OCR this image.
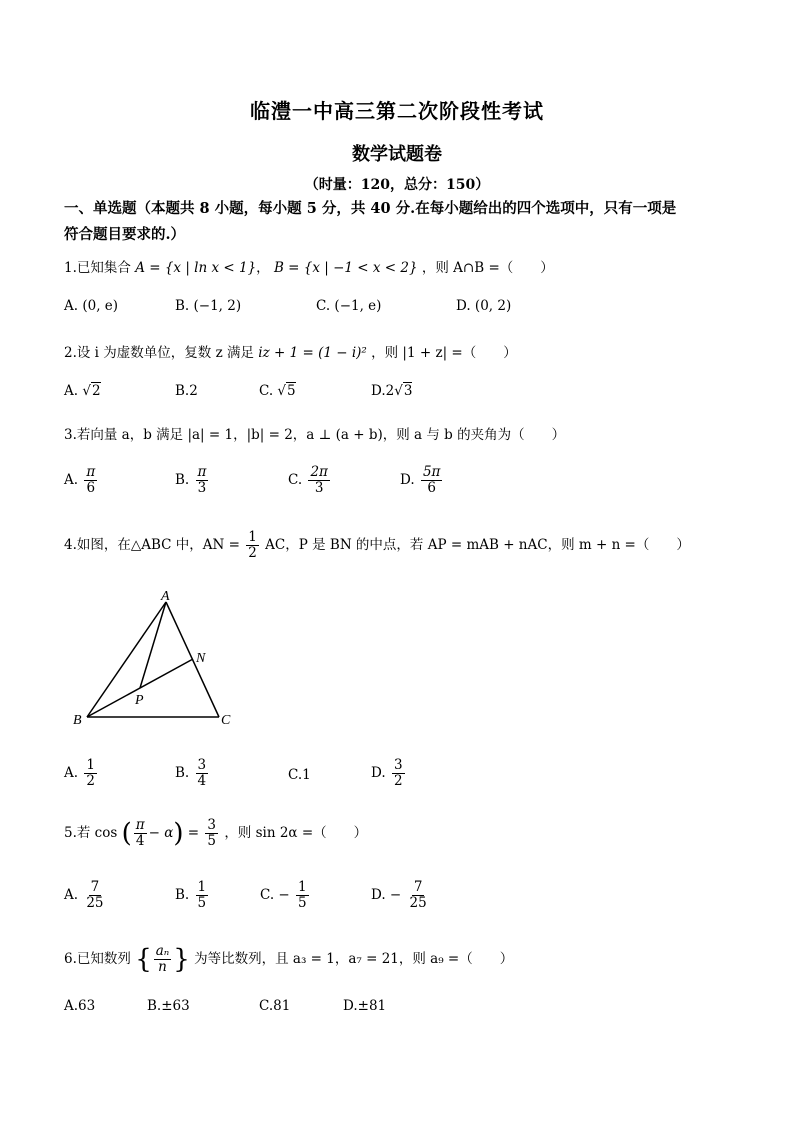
临澧一中高三第二次阶段性考试
数学试题卷
（时量：120，总分：150）
一、单选题（本题共 8 小题，每小题 5 分，共 40 分.在每小题给出的四个选项中，只有一项是
符合题目要求的.）
1.已知集合 A = {x | ln x < 1}， B = {x | −1 < x < 2} ，则 A∩B =（　　）
A. (0, e)	B. (−1, 2)	C. (−1, e)	D. (0, 2)
2.设 i 为虚数单位，复数 z 满足 iz + 1 = (1 − i)² ，则 |1 + z| =（　　）
A. √2	B.2	C. √5	D.2√3
3.若向量 a，b 满足 |a| = 1，|b| = 2，a ⊥ (a + b)，则 a 与 b 的夹角为（　　）
A. $\frac{\pi}{6}$	B. $\frac{\pi}{3}$	C. $\frac{2\pi}{3}$	D. $\frac{5\pi}{6}$
4.如图，在△ABC 中，AN = $\frac{1}{2}$ AC，P 是 BN 的中点，若 AP = mAB + nAC，则 m + n =（　　）
A
B	C
N
P
A. $\frac{1}{2}$	B. $\frac{3}{4}$	C.1	D. $\frac{3}{2}$
5.若 cos ( $\frac{\pi}{4} - \alpha) = \frac{3}{5}$ ，则 sin 2α =（　　）
A. $\frac{7}{25}$	B. $\frac{1}{5}$	C. − $\frac{1}{5}$	D. − $\frac{7}{25}$
6.已知数列 { $\frac{\text{aₙ}}{n}$ } 为等比数列，且 a₃ = 1，a₇ = 21，则 a₉ =（　　）
A.63	B.±63	C.81	D.±81
